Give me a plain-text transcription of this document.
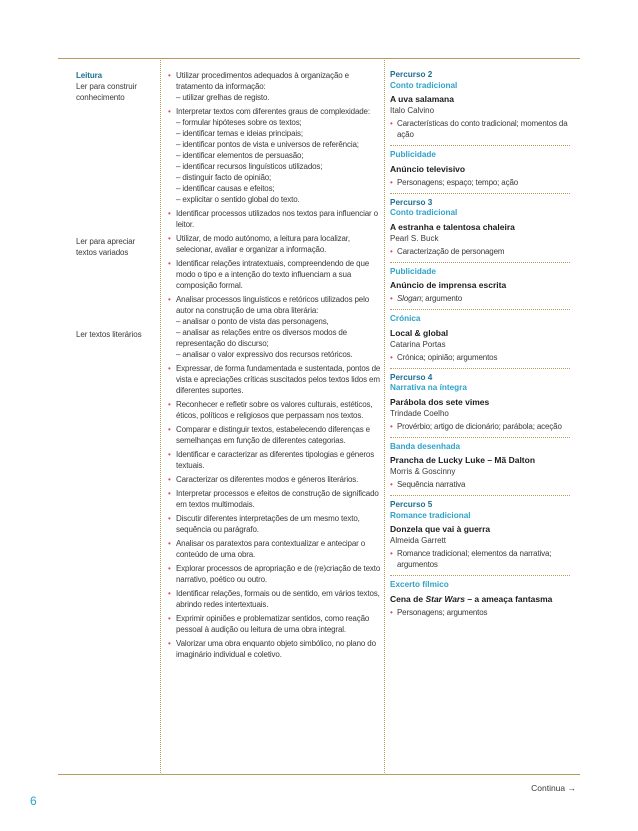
Leitura
Ler para construir conhecimento
Ler para apreciar textos variados
Ler textos literários
• Utilizar procedimentos adequados à organização e tratamento da informação:
– utilizar grelhas de registo.
• Interpretar textos com diferentes graus de complexidade:
– formular hipóteses sobre os textos;
– identificar temas e ideias principais;
– identificar pontos de vista e universos de referência;
– identificar elementos de persuasão;
– identificar recursos linguísticos utilizados;
– distinguir facto de opinião;
– identificar causas e efeitos;
– explicitar o sentido global do texto.
• Identificar processos utilizados nos textos para influenciar o leitor.
• Utilizar, de modo autónomo, a leitura para localizar, selecionar, avaliar e organizar a informação.
• Identificar relações intratextuais, compreendendo de que modo o tipo e a intenção do texto influenciam a sua composição formal.
• Analisar processos linguísticos e retóricos utilizados pelo autor na construção de uma obra literária:
– analisar o ponto de vista das personagens,
– analisar as relações entre os diversos modos de representação do discurso;
– analisar o valor expressivo dos recursos retóricos.
• Expressar, de forma fundamentada e sustentada, pontos de vista e apreciações críticas suscitados pelos textos lidos em diferentes suportes.
• Reconhecer e refletir sobre os valores culturais, estéticos, éticos, políticos e religiosos que perpassam nos textos.
• Comparar e distinguir textos, estabelecendo diferenças e semelhanças em função de diferentes categorias.
• Identificar e caracterizar as diferentes tipologias e géneros textuais.
• Caracterizar os diferentes modos e géneros literários.
• Interpretar processos e efeitos de construção de significado em textos multimodais.
• Discutir diferentes interpretações de um mesmo texto, sequência ou parágrafo.
• Analisar os paratextos para contextualizar e antecipar o conteúdo de uma obra.
• Explorar processos de apropriação e de (re)criação de texto narrativo, poético ou outro.
• Identificar relações, formais ou de sentido, em vários textos, abrindo redes intertextuais.
• Exprimir opiniões e problematizar sentidos, como reação pessoal à audição ou leitura de uma obra integral.
• Valorizar uma obra enquanto objeto simbólico, no plano do imaginário individual e coletivo.
Percurso 2
Conto tradicional
A uva salamana
Italo Calvino
• Características do conto tradicional; momentos da ação
Publicidade
Anúncio televisivo
• Personagens; espaço; tempo; ação
Percurso 3
Conto tradicional
A estranha e talentosa chaleira
Pearl S. Buck
• Caracterização de personagem
Publicidade
Anúncio de imprensa escrita
• Slogan; argumento
Crónica
Local & global
Catarina Portas
• Crónica; opinião; argumentos
Percurso 4
Narrativa na íntegra
Parábola dos sete vimes
Trindade Coelho
• Provérbio; artigo de dicionário; parábola; aceção
Banda desenhada
Prancha de Lucky Luke – Mã Dalton
Morris & Goscinny
• Sequência narrativa
Percurso 5
Romance tradicional
Donzela que vai à guerra
Almeida Garrett
• Romance tradicional; elementos da narrativa; argumentos
Excerto fílmico
Cena de Star Wars – a ameaça fantasma
• Personagens; argumentos
Continua →
6
